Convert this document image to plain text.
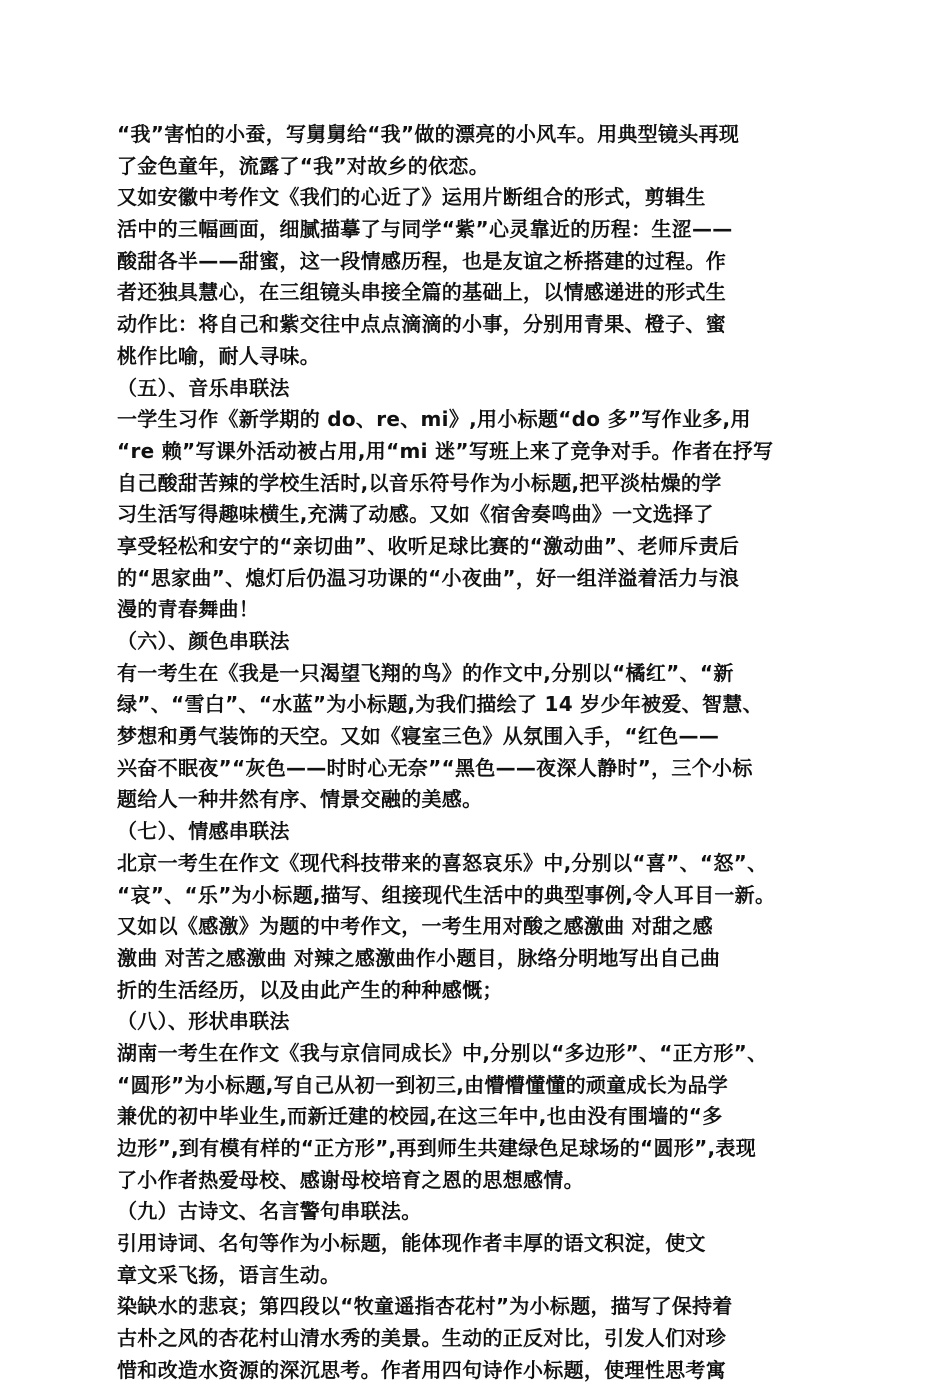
“我”害怕的小蚕，写舅舅给“我”做的漂亮的小风车。用典型镜头再现
了金色童年，流露了“我”对故乡的依恋。
又如安徽中考作文《我们的心近了》运用片断组合的形式，剪辑生
活中的三幅画面，细腻描摹了与同学“紫”心灵靠近的历程：生涩——
酸甜各半——甜蜜，这一段情感历程，也是友谊之桥搭建的过程。作
者还独具慧心，在三组镜头串接全篇的基础上，以情感递进的形式生
动作比：将自己和紫交往中点点滴滴的小事，分别用青果、橙子、蜜
桃作比喻，耐人寻味。
（五）、音乐串联法
一学生习作《新学期的 do、re、mi》,用小标题“do 多”写作业多,用
“re 赖”写课外活动被占用,用“mi 迷”写班上来了竞争对手。作者在抒写
自己酸甜苦辣的学校生活时,以音乐符号作为小标题,把平淡枯燥的学
习生活写得趣味横生,充满了动感。又如《宿舍奏鸣曲》一文选择了
享受轻松和安宁的“亲切曲”、收听足球比赛的“激动曲”、老师斥责后
的“思家曲”、熄灯后仍温习功课的“小夜曲”，好一组洋溢着活力与浪
漫的青春舞曲！
（六）、颜色串联法
有一考生在《我是一只渴望飞翔的鸟》的作文中,分别以“橘红”、“新
绿”、“雪白”、“水蓝”为小标题,为我们描绘了 14 岁少年被爱、智慧、
梦想和勇气装饰的天空。又如《寝室三色》从氛围入手，“红色——
兴奋不眠夜”“灰色——时时心无奈”“黑色——夜深人静时”，三个小标
题给人一种井然有序、情景交融的美感。
（七）、情感串联法
北京一考生在作文《现代科技带来的喜怒哀乐》中,分别以“喜”、“怒”、
“哀”、“乐”为小标题,描写、组接现代生活中的典型事例,令人耳目一新。
又如以《感激》为题的中考作文，一考生用对酸之感激曲 对甜之感
激曲 对苦之感激曲 对辣之感激曲作小题目，脉络分明地写出自己曲
折的生活经历，以及由此产生的种种感慨；
（八）、形状串联法
湖南一考生在作文《我与京信同成长》中,分别以“多边形”、“正方形”、
“圆形”为小标题,写自己从初一到初三,由懵懵懂懂的顽童成长为品学
兼优的初中毕业生,而新迁建的校园,在这三年中,也由没有围墙的“多
边形”,到有模有样的“正方形”,再到师生共建绿色足球场的“圆形”,表现
了小作者热爱母校、感谢母校培育之恩的思想感情。
（九）古诗文、名言警句串联法。
引用诗词、名句等作为小标题，能体现作者丰厚的语文积淀，使文
章文采飞扬，语言生动。
染缺水的悲哀；第四段以“牧童遥指杏花村”为小标题，描写了保持着
古朴之风的杏花村山清水秀的美景。生动的正反对比，引发人们对珍
惜和改造水资源的深沉思考。作者用四句诗作小标题，使理性思考寓
